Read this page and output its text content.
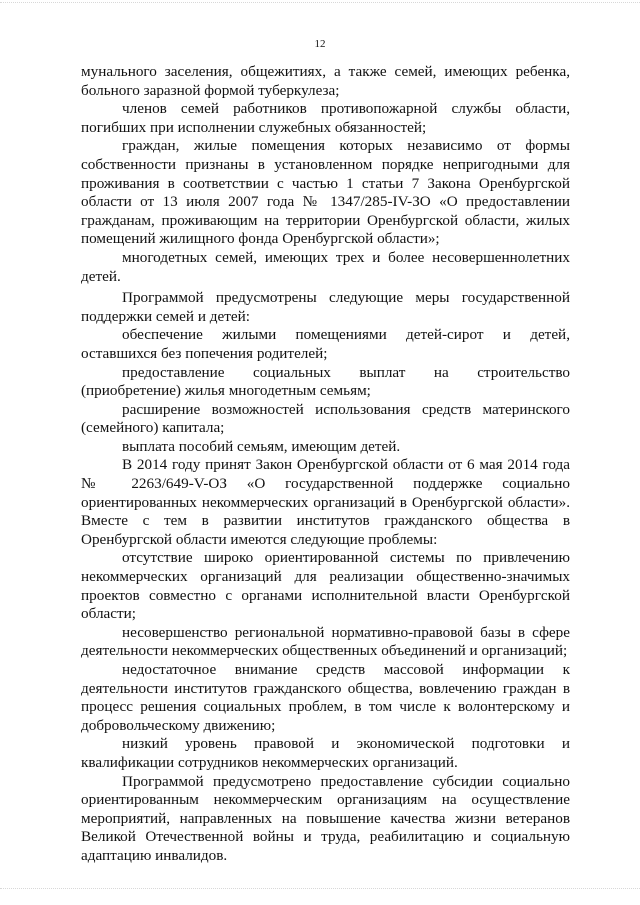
12

мунального заселения, общежитиях, а также семей, имеющих ребенка, больного заразной формой туберкулеза;

членов семей работников противопожарной службы области, погибших при исполнении служебных обязанностей;

граждан, жилые помещения которых независимо от формы собственности признаны в установленном порядке непригодными для проживания в соответствии с частью 1 статьи 7 Закона Оренбургской области от 13 июля 2007 года № 1347/285-IV-ЗО «О предоставлении гражданам, проживающим на территории Оренбургской области, жилых помещений жилищного фонда Оренбургской области»;

многодетных семей, имеющих трех и более несовершеннолетних детей.

Программой предусмотрены следующие меры государственной поддержки семей и детей:

обеспечение жилыми помещениями детей-сирот и детей, оставшихся без попечения родителей;

предоставление социальных выплат на строительство (приобретение) жилья многодетным семьям;

расширение возможностей использования средств материнского (семейного) капитала;

выплата пособий семьям, имеющим детей.

В 2014 году принят Закон Оренбургской области от 6 мая 2014 года № 2263/649-V-ОЗ «О государственной поддержке социально ориентированных некоммерческих организаций в Оренбургской области». Вместе с тем в развитии институтов гражданского общества в Оренбургской области имеются следующие проблемы:

отсутствие широко ориентированной системы по привлечению некоммерческих организаций для реализации общественно-значимых проектов совместно с органами исполнительной власти Оренбургской области;

несовершенство региональной нормативно-правовой базы в сфере деятельности некоммерческих общественных объединений и организаций;

недостаточное внимание средств массовой информации к деятельности институтов гражданского общества, вовлечению граждан в процесс решения социальных проблем, в том числе к волонтерскому и добровольческому движению;

низкий уровень правовой и экономической подготовки и квалификации сотрудников некоммерческих организаций.

Программой предусмотрено предоставление субсидии социально ориентированным некоммерческим организациям на осуществление мероприятий, направленных на повышение качества жизни ветеранов Великой Отечественной войны и труда, реабилитацию и социальную адаптацию инвалидов.
